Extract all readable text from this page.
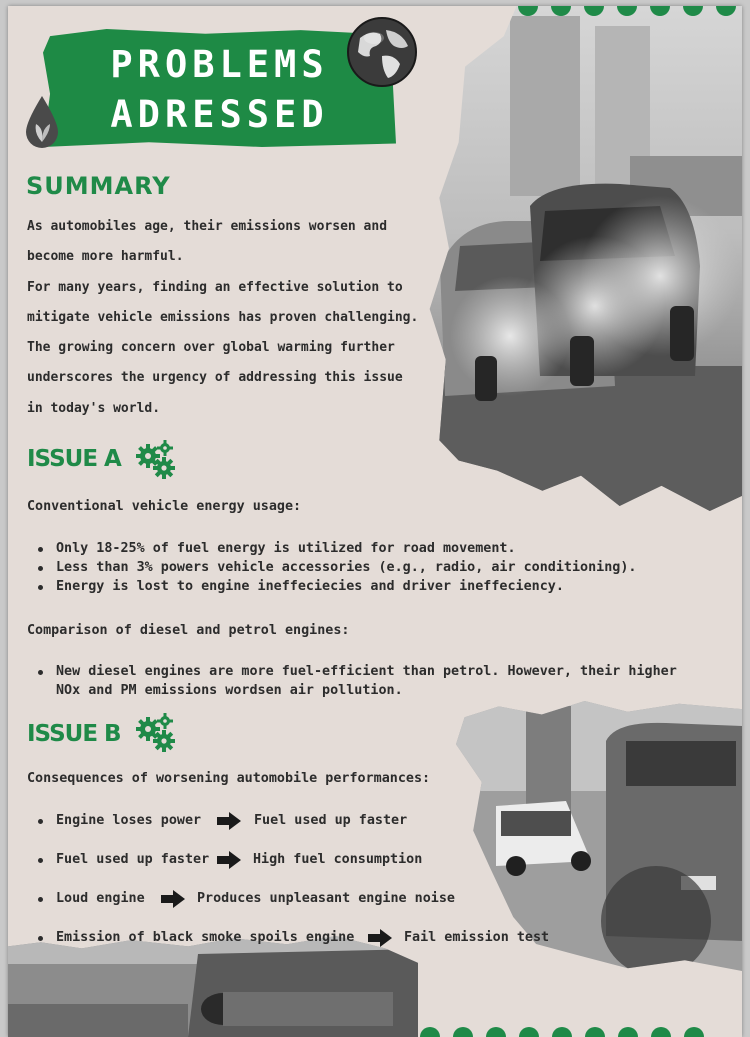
PROBLEMS
ADRESSED
SUMMARY
As automobiles age, their emissions worsen and
become more harmful.
For many years, finding an effective solution to
mitigate vehicle emissions has proven challenging.
The growing concern over global warming further
underscores the urgency of addressing this issue
in today's world.
ISSUE A
Conventional vehicle energy usage:
Only 18-25% of fuel energy is utilized for road movement.
Less than 3% powers vehicle accessories (e.g., radio, air conditioning).
Energy is lost to engine ineffeciecies and driver ineffeciency.
Comparison of diesel and petrol engines:
New diesel engines are more fuel-efficient than petrol. However, their higher
NOx and PM emissions wordsen air pollution.
ISSUE B
Consequences of worsening automobile performances:
Engine loses power	Fuel used up faster
Fuel used up faster	High fuel consumption
Loud engine	Produces unpleasant engine noise
Emission of black smoke spoils engine	Fail emission test
